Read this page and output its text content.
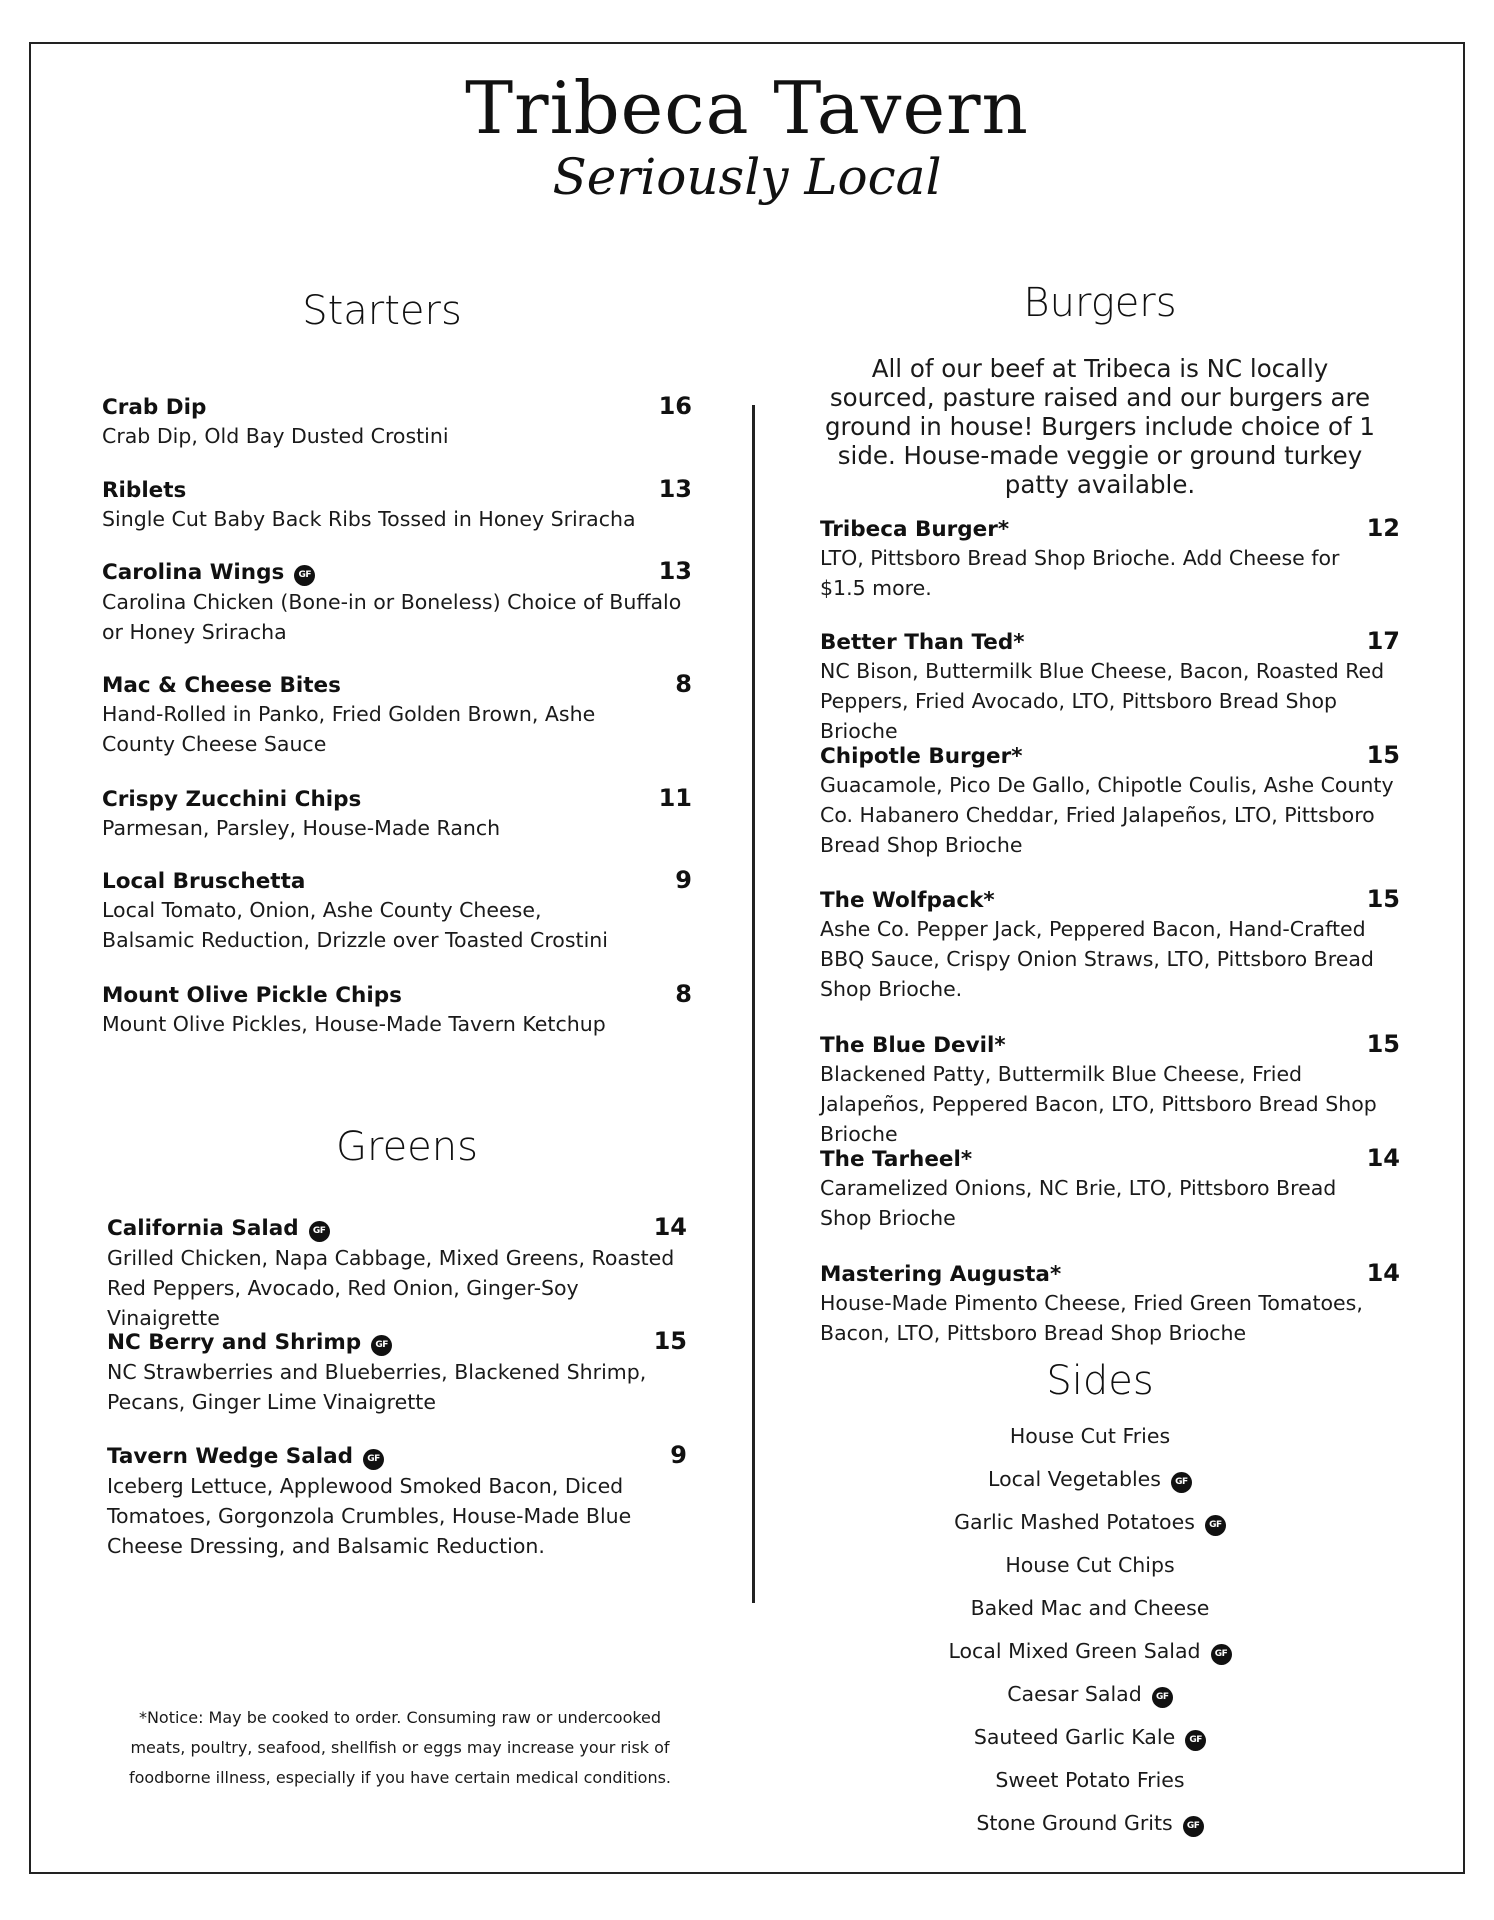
Tribeca Tavern
Seriously Local
Starters
Crab Dip	16
Crab Dip, Old Bay Dusted Crostini
Riblets	13
Single Cut Baby Back Ribs Tossed in Honey Sriracha
Carolina Wings GF	13
Carolina Chicken (Bone-in or Boneless) Choice of Buffalo or Honey Sriracha
Mac & Cheese Bites	8
Hand-Rolled in Panko, Fried Golden Brown, Ashe County Cheese Sauce
Crispy Zucchini Chips	11
Parmesan, Parsley, House-Made Ranch
Local Bruschetta	9
Local Tomato, Onion, Ashe County Cheese, Balsamic Reduction, Drizzle over Toasted Crostini
Mount Olive Pickle Chips	8
Mount Olive Pickles, House-Made Tavern Ketchup
Greens
California Salad GF	14
Grilled Chicken, Napa Cabbage, Mixed Greens, Roasted Red Peppers, Avocado, Red Onion, Ginger-Soy Vinaigrette
NC Berry and Shrimp GF	15
NC Strawberries and Blueberries, Blackened Shrimp, Pecans, Ginger Lime Vinaigrette
Tavern Wedge Salad GF	9
Iceberg Lettuce, Applewood Smoked Bacon, Diced Tomatoes, Gorgonzola Crumbles, House-Made Blue Cheese Dressing, and Balsamic Reduction.
Burgers
All of our beef at Tribeca is NC locally sourced, pasture raised and our burgers are ground in house! Burgers include choice of 1 side. House-made veggie or ground turkey patty available.
Tribeca Burger*	12
LTO, Pittsboro Bread Shop Brioche. Add Cheese for $1.5 more.
Better Than Ted*	17
NC Bison, Buttermilk Blue Cheese, Bacon, Roasted Red Peppers, Fried Avocado, LTO, Pittsboro Bread Shop Brioche
Chipotle Burger*	15
Guacamole, Pico De Gallo, Chipotle Coulis, Ashe County Co. Habanero Cheddar, Fried Jalapeños, LTO, Pittsboro Bread Shop Brioche
The Wolfpack*	15
Ashe Co. Pepper Jack, Peppered Bacon, Hand-Crafted BBQ Sauce, Crispy Onion Straws, LTO, Pittsboro Bread Shop Brioche.
The Blue Devil*	15
Blackened Patty, Buttermilk Blue Cheese, Fried Jalapeños, Peppered Bacon, LTO, Pittsboro Bread Shop Brioche
The Tarheel*	14
Caramelized Onions, NC Brie, LTO, Pittsboro Bread Shop Brioche
Mastering Augusta*	14
House-Made Pimento Cheese, Fried Green Tomatoes, Bacon, LTO, Pittsboro Bread Shop Brioche
Sides
House Cut Fries
Local Vegetables GF
Garlic Mashed Potatoes GF
House Cut Chips
Baked Mac and Cheese
Local Mixed Green Salad GF
Caesar Salad GF
Sauteed Garlic Kale GF
Sweet Potato Fries
Stone Ground Grits GF
*Notice: May be cooked to order. Consuming raw or undercooked meats, poultry, seafood, shellfish or eggs may increase your risk of foodborne illness, especially if you have certain medical conditions.
